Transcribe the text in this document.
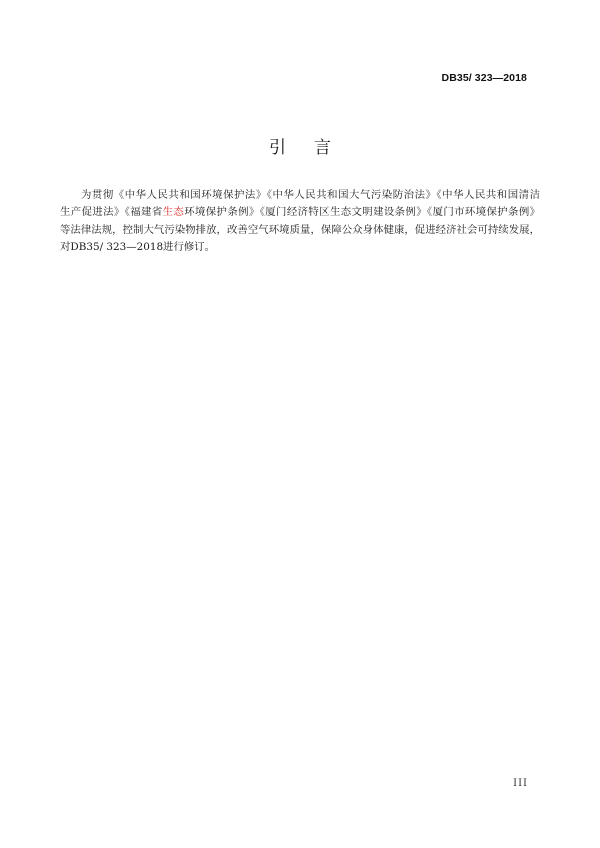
DB35/ 323—2018
引言
为贯彻《中华人民共和国环境保护法》《中华人民共和国大气污染防治法》《中华人民共和国清洁
生产促进法》《福建省生态环境保护条例》《厦门经济特区生态文明建设条例》《厦门市环境保护条例》
等法律法规，控制大气污染物排放，改善空气环境质量，保障公众身体健康，促进经济社会可持续发展，
对DB35/ 323—2018进行修订。
III
